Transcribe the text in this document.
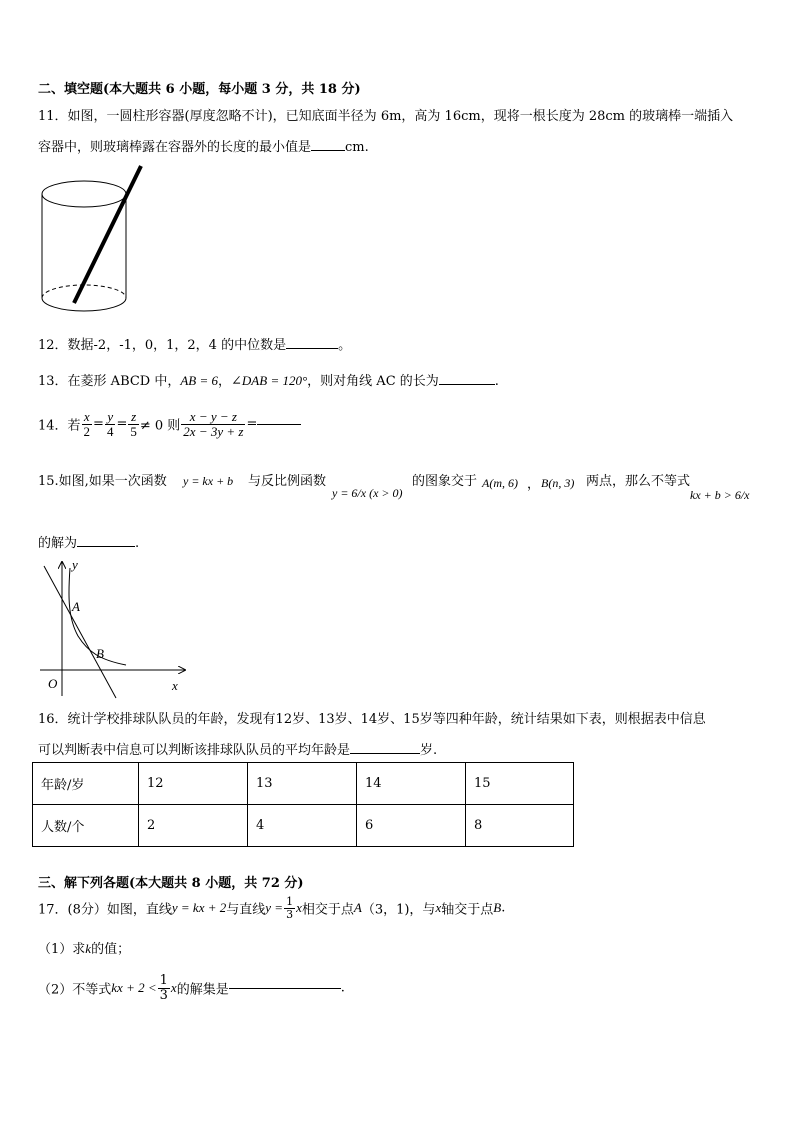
二、填空题(本大题共 6 小题，每小题 3 分，共 18 分)
11．如图，一圆柱形容器(厚度忽略不计)，已知底面半径为 6m，高为 16cm，现将一根长度为 28cm 的玻璃棒一端插入
容器中，则玻璃棒露在容器外的长度的最小值是	cm.
12．数据-2，-1，0，1，2，4 的中位数是	。
13．在菱形 ABCD 中，AB = 6，∠DAB = 120°，则对角线 AC 的长为	.
14．若 $\frac{x}{2} = \frac{y}{4} = \frac{z}{5} \ne 0$ 则 $\frac{x - y - z}{2x - 3y + z}$ =
15.如图,如果一次函数 y = kx + b 与反比例函数
y = 6/x (x > 0)
的图象交于 A(m, 6) ， B(n, 3) 两点，那么不等式
kx + b > 6/x
的解为	.
y
x
O
A
B
16．统计学校排球队队员的年龄，发现有12岁、13岁、14岁、15岁等四种年龄，统计结果如下表，则根据表中信息
可以判断表中信息可以判断该排球队队员的平均年龄是	岁.
年龄/岁	12	13	14	15
人数/个	2	4	6	8
三、解下列各题(本大题共 8 小题，共 72 分)
17．(8分）如图，直线y = kx + 2与直线$y = \frac{1}{3}$ x相交于点A（3，1)，与x轴交于点B.
（1）求k的值；
（2）不等式kx + $2 < \frac{1}{3}$ x的解集是	.
